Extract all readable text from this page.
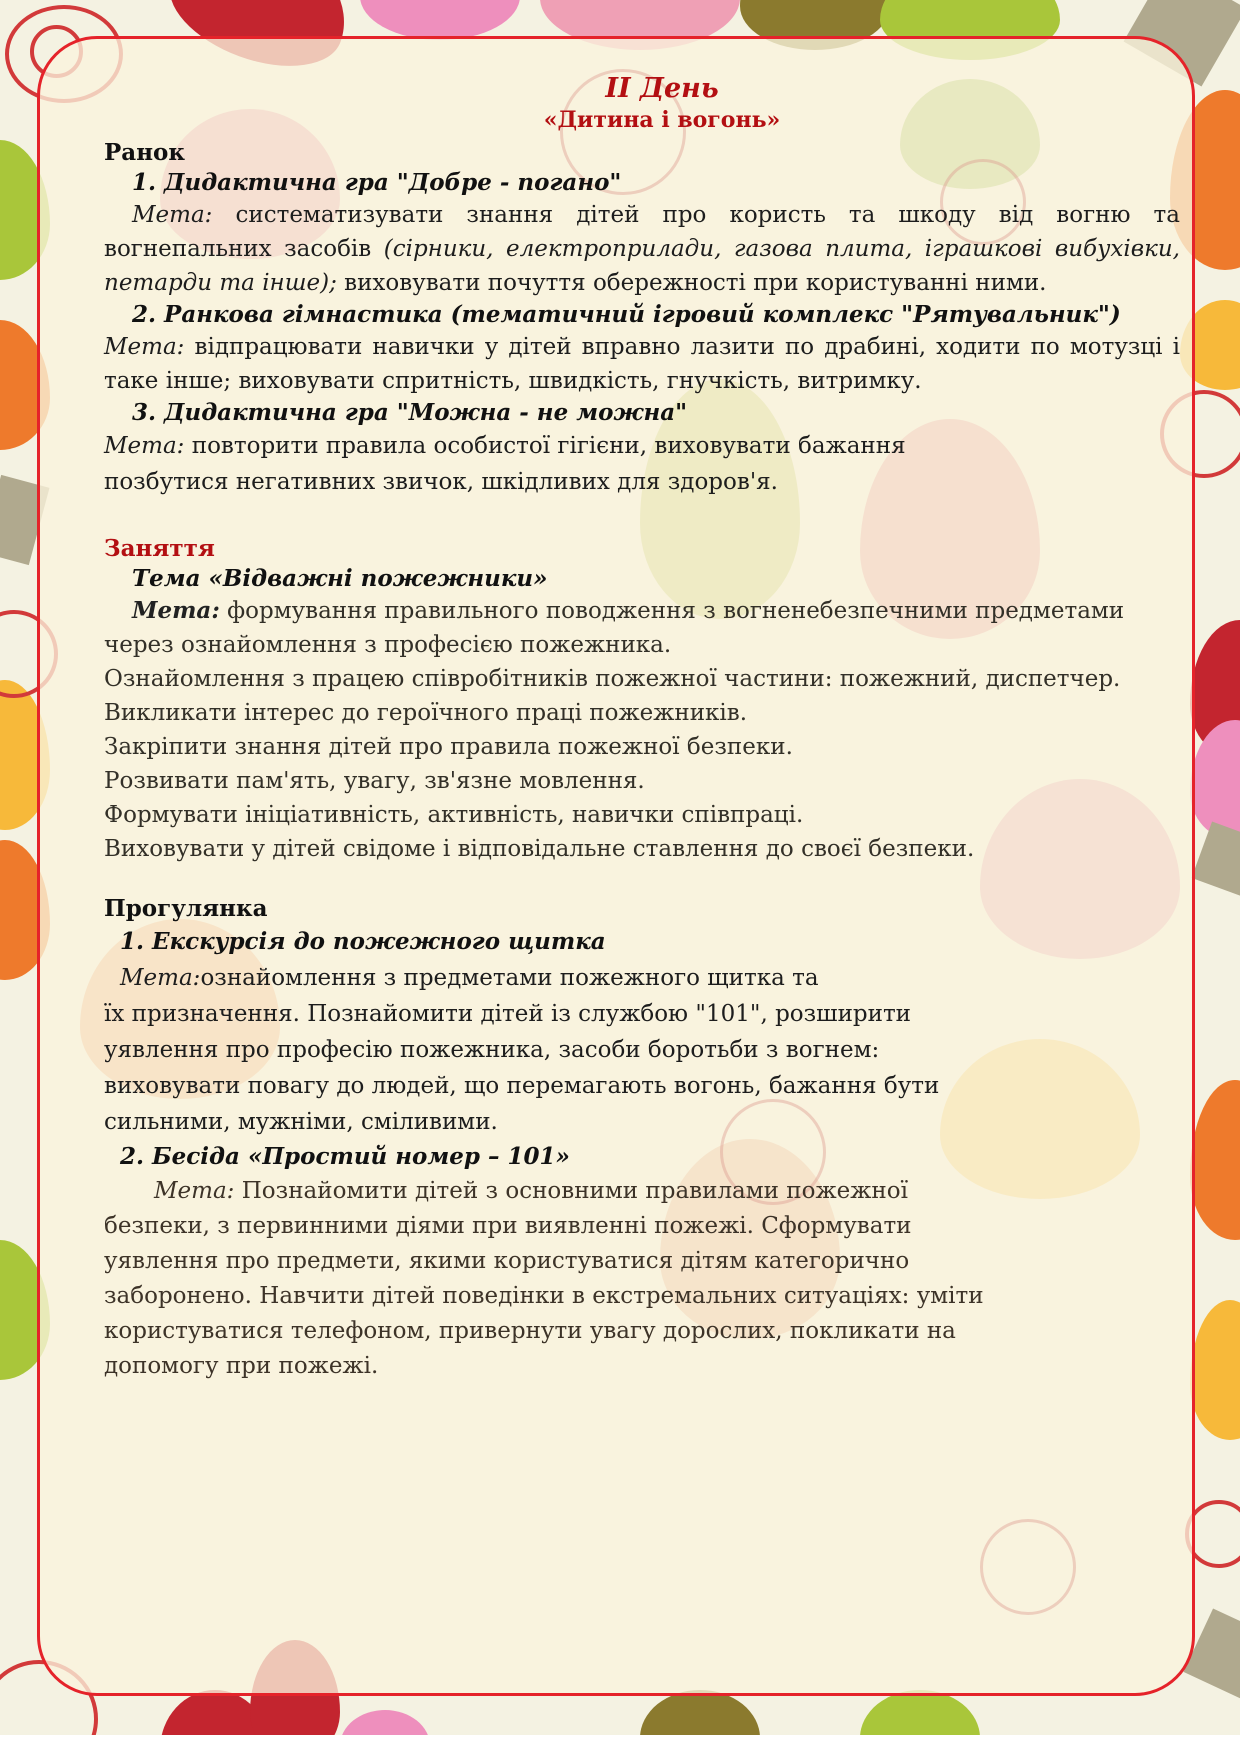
II День
«Дитина і вогонь»
Ранок
1. Дидактична гра "Добре - погано"
Мета: систематизувати знання дітей про користь та шкоду від вогню та вогнепальних засобів (сірники, електроприлади, газова плита, іграшкові вибухівки, петарди та інше); виховувати почуття обережності при користуванні ними.
2. Ранкова гімнастика (тематичний ігровий комплекс "Рятувальник")
Мета: відпрацювати навички у дітей вправно лазити по драбині, ходити по мотузці і таке інше; виховувати спритність, швидкість, гнучкість, витримку.
3. Дидактична гра "Можна - не можна"
Мета: повторити правила особистої гігієни, виховувати бажання
позбутися негативних звичок, шкідливих для здоров'я.
Заняття
Тема «Відважні пожежники»
Мета: формування правильного поводження з вогненебезпечними предметами через ознайомлення з професією пожежника.
Ознайомлення з працею співробітників пожежної частини: пожежний, диспетчер.
Викликати інтерес до героїчного праці пожежників.
Закріпити знання дітей про правила пожежної безпеки.
Розвивати пам'ять, увагу, зв'язне мовлення.
Формувати ініціативність, активність, навички співпраці.
Виховувати у дітей свідоме і відповідальне ставлення до своєї безпеки.
Прогулянка
1. Екскурсія до пожежного щитка
Мета:ознайомлення з предметами пожежного щитка та
їх призначення. Познайомити дітей із службою "101", розширити
уявлення про професію пожежника, засоби боротьби з вогнем:
виховувати повагу до людей, що перемагають вогонь, бажання бути
сильними, мужніми, сміливими.
2. Бесіда «Простий номер – 101»
Мета: Познайомити дітей з основними правилами пожежної
безпеки, з первинними діями при виявленні пожежі. Сформувати
уявлення про предмети, якими користуватися дітям категорично
заборонено. Навчити дітей поведінки в екстремальних ситуаціях: уміти
користуватися телефоном, привернути увагу дорослих, покликати на
допомогу при пожежі.
